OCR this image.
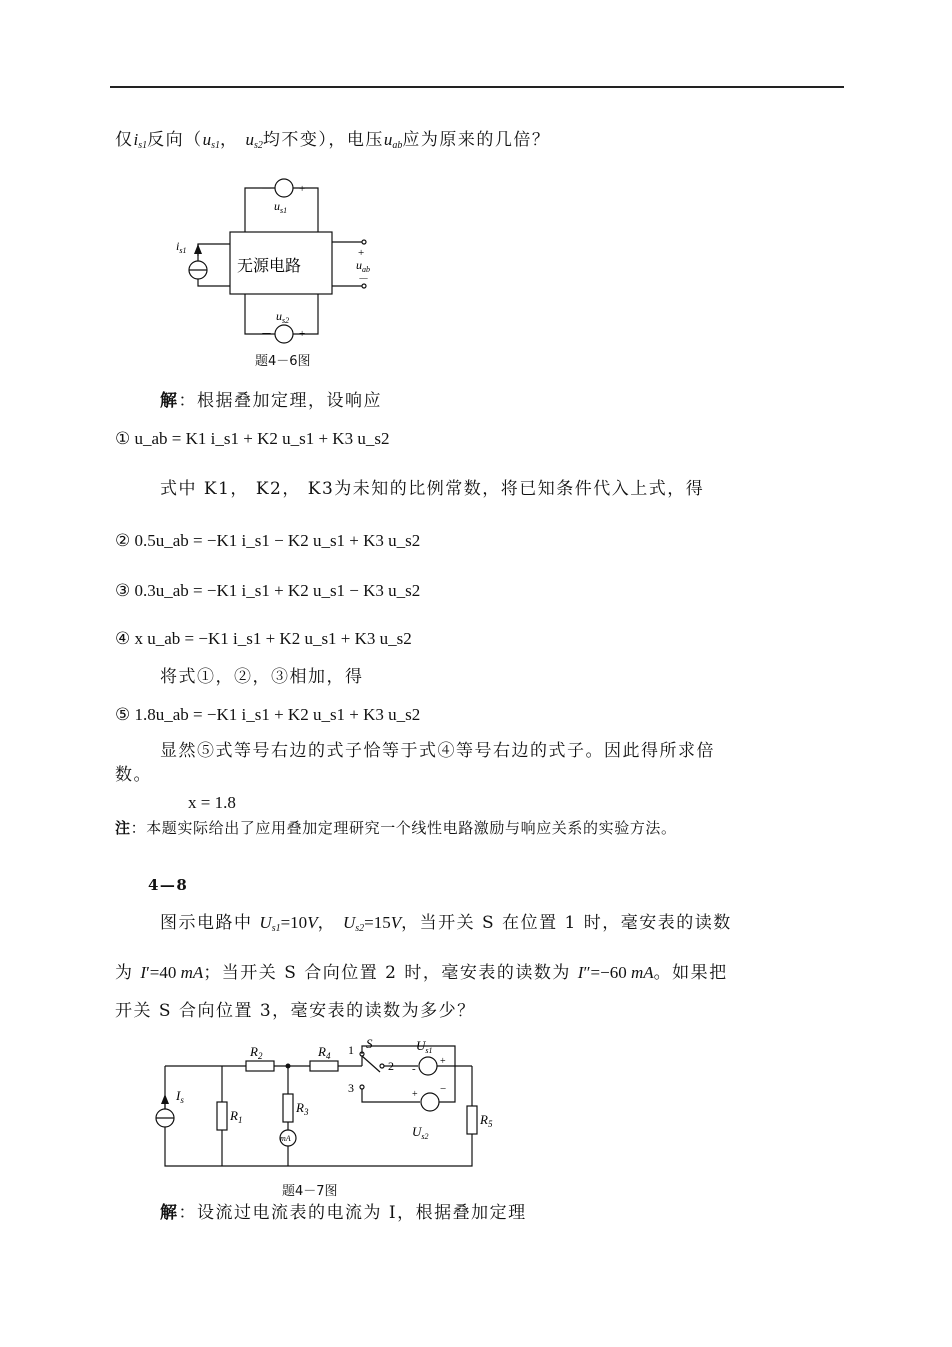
仅$i_{s1}$反向（$u_{s1}$， $u_{s2}$均不变），电压$u_{ab}$应为原来的几倍？
无源电路
－ +
$u_{s1}$
$u_{s2}$
－ +
$i_{s1}$	+
$u_{ab}$
－
题4－6图
解：根据叠加定理，设响应
① u_ab = K1 i_s1 + K2 u_s1 + K3 u_s2
式中 K1， K2， K3为未知的比例常数，将已知条件代入上式，得
② 0.5u_ab = −K1 i_s1 − K2 u_s1 + K3 u_s2
③ 0.3u_ab = −K1 i_s1 + K2 u_s1 − K3 u_s2
④ x u_ab = −K1 i_s1 + K2 u_s1 + K3 u_s2
将式①，②，③相加，得
⑤ 1.8u_ab = −K1 i_s1 + K2 u_s1 + K3 u_s2
显然⑤式等号右边的式子恰等于式④等号右边的式子。因此得所求倍
数。
x = 1.8
注：本题实际给出了应用叠加定理研究一个线性电路激励与响应关系的实验方法。
4—8
图示电路中 $U_{s1}=10V$， $U_{s2}=15V$，当开关 S 在位置 1 时，毫安表的读数
为 I′=40 mA；当开关 S 合向位置 2 时，毫安表的读数为 I″=−60 mA。如果把
开关 S 合向位置 3，毫安表的读数为多少？
$R_2$	$R_4$
$R_1$
$R_3$	$R_5$
$I_s$
mA
1
2
3
S	$U_{s1}$
$U_{s2}$
-
+
+ −
题4－7图
解：设流过电流表的电流为 I，根据叠加定理
